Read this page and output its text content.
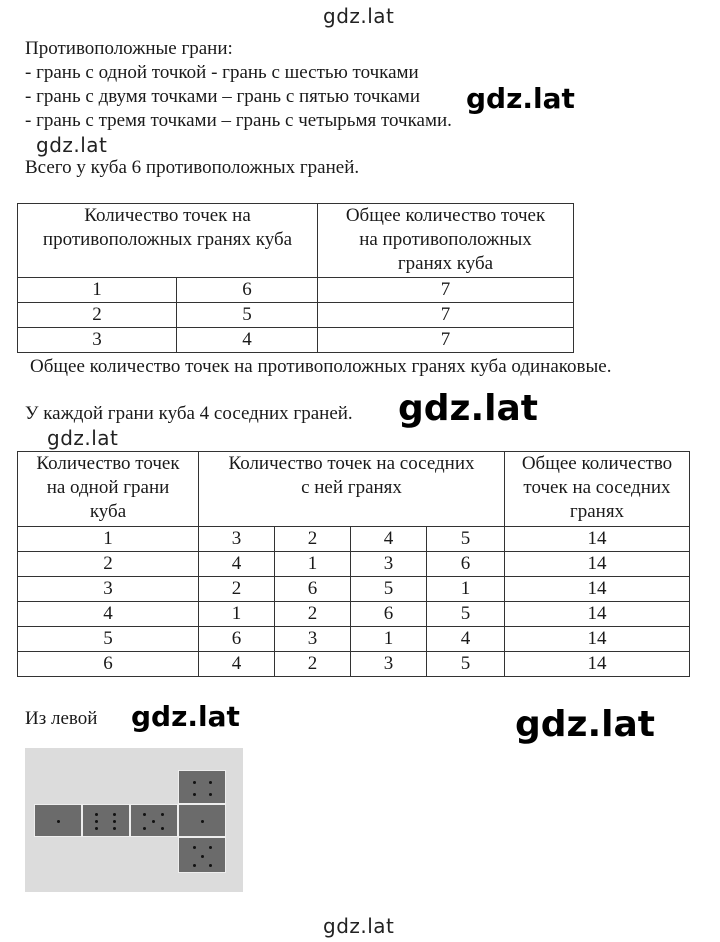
gdz.lat
gdz.lat
gdz.lat
gdz.lat
gdz.lat
gdz.lat	gdz.lat
gdz.lat
Противоположные грани:
- грань с одной точкой - грань с шестью точками
- грань с двумя точками – грань с пятью точками
- грань с тремя точками – грань с четырьмя точками.
Всего у куба 6 противоположных граней.
Количество точек на
противоположных гранях куба		Общее количество точек
на противоположных
гранях куба

1	6	7
2	5	7
3	4	7
Общее количество точек на противоположных гранях куба одинаковые.
У каждой грани куба 4 соседних граней.
Количество точек
на одной грани
куба	Количество точек на соседних
с ней гранях				Общее количество
точек на соседних
гранях

1	3	2	4	5	14
2	4	1	3	6	14
3	2	6	5	1	14
4	1	2	6	5	14
5	6	3	1	4	14
6	4	2	3	5	14
Из левой
